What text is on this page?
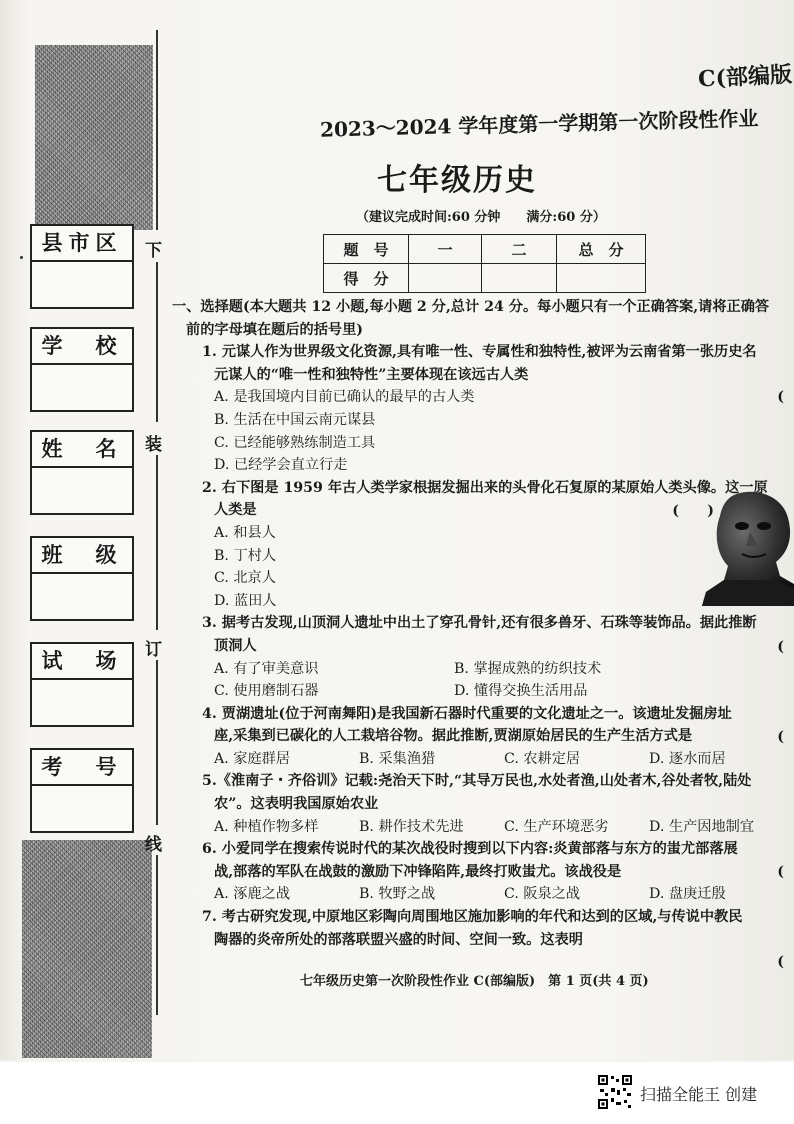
下
装
订
线
县市区
学　校
姓　名
班　级
试　场
考　号
C(部编版
2023～2024 学年度第一学期第一次阶段性作业
七年级历史
（建议完成时间:60 分钟　　满分:60 分）
题　号	一	二	总　分
得　分			

一、选择题(本大题共 12 小题,每小题 2 分,总计 24 分。每小题只有一个正确答案,请将正确答

前的字母填在题后的括号里)

1. 元谋人作为世界级文化资源,具有唯一性、专属性和独特性,被评为云南省第一张历史名

元谋人的“唯一性和独特性”主要体现在该远古人类

A. 是我国境内目前已确认的最早的古人类

B. 生活在中国云南元谋县

C. 已经能够熟练制造工具

D. 已经学会直立行走

2. 右下图是 1959 年古人类学家根据发掘出来的头骨化石复原的某原始人类头像。这一原

人类是

A. 和县人

B. 丁村人

C. 北京人

D. 蓝田人

3. 据考古发现,山顶洞人遗址中出土了穿孔骨针,还有很多兽牙、石珠等装饰品。据此推断

顶洞人

A. 有了审美意识	B. 掌握成熟的纺织技术
C. 使用磨制石器	D. 懂得交换生活用品

4. 贾湖遗址(位于河南舞阳)是我国新石器时代重要的文化遗址之一。该遗址发掘房址

座,采集到已碳化的人工栽培谷物。据此推断,贾湖原始居民的生产生活方式是

A. 家庭群居	B. 采集渔猎	C. 农耕定居	D. 逐水而居

5.《淮南子・齐俗训》记载:尧治天下时,“其导万民也,水处者渔,山处者木,谷处者牧,陆处

农”。这表明我国原始农业

A. 种植作物多样	B. 耕作技术先进	C. 生产环境恶劣	D. 生产因地制宜

6. 小爱同学在搜索传说时代的某次战役时搜到以下内容:炎黄部落与东方的蚩尤部落展

战,部落的军队在战鼓的激励下冲锋陷阵,最终打败蚩尤。该战役是

A. 涿鹿之战	B. 牧野之战	C. 阪泉之战	D. 盘庚迁殷

7. 考古研究发现,中原地区彩陶向周围地区施加影响的年代和达到的区域,与传说中教民

陶器的炎帝所处的部落联盟兴盛的时间、空间一致。这表明

(
(　　)
(
(
(
(
七年级历史第一次阶段性作业 C(部编版)　第 1 页(共 4 页)
扫描全能王 创建
